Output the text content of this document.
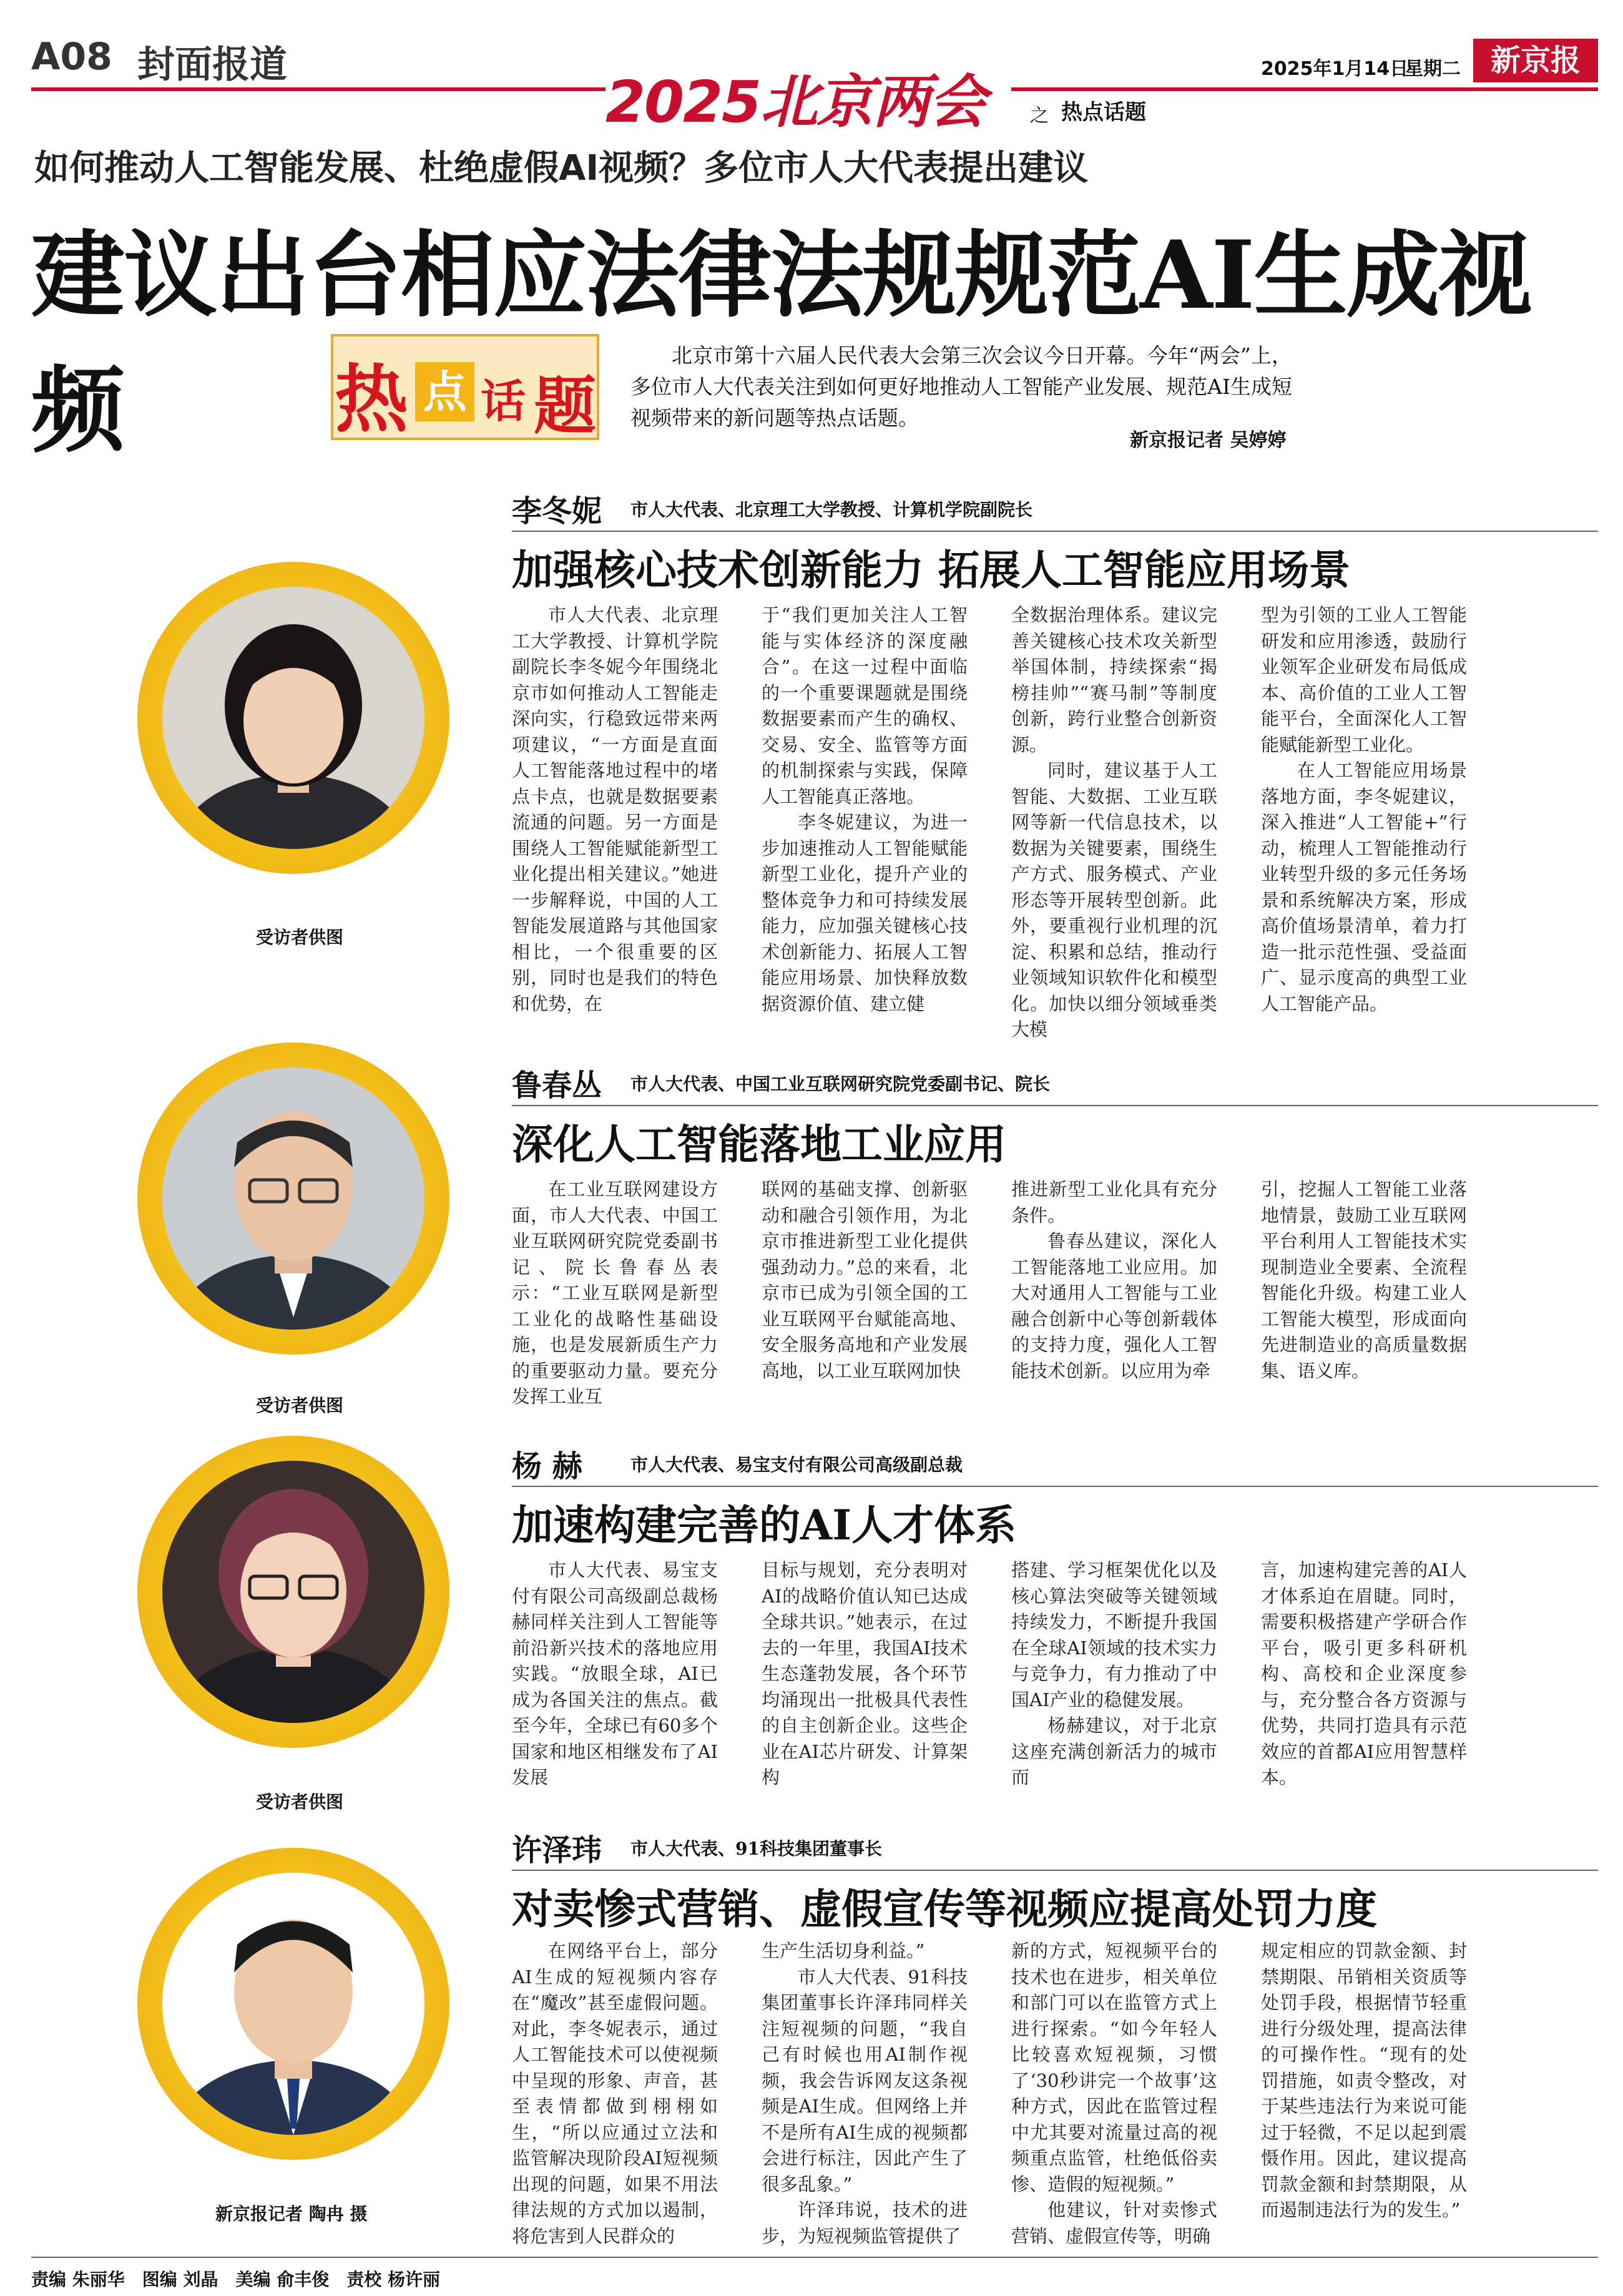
A08 封面报道
2025北京两会	之 热点话题
2025年1月14日
星期二 新京报
如何推动人工智能发展、杜绝虚假AI视频？多位市人大代表提出建议
建议出台相应法律法规规范AI生成视频	热 点 话 题
北京市第十六届人民代表大会第三次会议今日开幕。今年“两会”上，多位市人大代表关注到如何更好地推动人工智能产业发展、规范AI生成短视频带来的新问题等热点话题。
新京报记者 吴婷婷
受访者供图
李冬妮 市人大代表、北京理工大学教授、计算机学院副院长
加强核心技术创新能力 拓展人工智能应用场景

市人大代表、北京理工大学教授、计算机学院副院长李冬妮今年围绕北京市如何推动人工智能走深向实，行稳致远带来两项建议，“一方面是直面人工智能落地过程中的堵点卡点，也就是数据要素流通的问题。另一方面是围绕人工智能赋能新型工业化提出相关建议。”她进一步解释说，中国的人工智能发展道路与其他国家相比，一个很重要的区别，同时也是我们的特色和优势，在

于“我们更加关注人工智能与实体经济的深度融合”。在这一过程中面临的一个重要课题就是围绕数据要素而产生的确权、交易、安全、监管等方面的机制探索与实践，保障人工智能真正落地。

李冬妮建议，为进一步加速推动人工智能赋能新型工业化，提升产业的整体竞争力和可持续发展能力，应加强关键核心技术创新能力、拓展人工智能应用场景、加快释放数据资源价值、建立健

全数据治理体系。建议完善关键核心技术攻关新型举国体制，持续探索“揭榜挂帅”“赛马制”等制度创新，跨行业整合创新资源。

同时，建议基于人工智能、大数据、工业互联网等新一代信息技术，以数据为关键要素，围绕生产方式、服务模式、产业形态等开展转型创新。此外，要重视行业机理的沉淀、积累和总结，推动行业领域知识软件化和模型化。加快以细分领域垂类大模

型为引领的工业人工智能研发和应用渗透，鼓励行业领军企业研发布局低成本、高价值的工业人工智能平台，全面深化人工智能赋能新型工业化。

在人工智能应用场景落地方面，李冬妮建议，深入推进“人工智能+”行动，梳理人工智能推动行业转型升级的多元任务场景和系统解决方案，形成高价值场景清单，着力打造一批示范性强、受益面广、显示度高的典型工业人工智能产品。

受访者供图
鲁春丛 市人大代表、中国工业互联网研究院党委副书记、院长
深化人工智能落地工业应用

在工业互联网建设方面，市人大代表、中国工业互联网研究院党委副书记、院长鲁春丛表示：“工业互联网是新型工业化的战略性基础设施，也是发展新质生产力的重要驱动力量。要充分发挥工业互

联网的基础支撑、创新驱动和融合引领作用，为北京市推进新型工业化提供强劲动力。”总的来看，北京市已成为引领全国的工业互联网平台赋能高地、安全服务高地和产业发展高地，以工业互联网加快

推进新型工业化具有充分条件。

鲁春丛建议，深化人工智能落地工业应用。加大对通用人工智能与工业融合创新中心等创新载体的支持力度，强化人工智能技术创新。以应用为牵

引，挖掘人工智能工业落地情景，鼓励工业互联网平台利用人工智能技术实现制造业全要素、全流程智能化升级。构建工业人工智能大模型，形成面向先进制造业的高质量数据集、语义库。

受访者供图
杨 赫	市人大代表、易宝支付有限公司高级副总裁
加速构建完善的AI人才体系

市人大代表、易宝支付有限公司高级副总裁杨赫同样关注到人工智能等前沿新兴技术的落地应用实践。“放眼全球，AI已成为各国关注的焦点。截至今年，全球已有60多个国家和地区相继发布了AI发展

目标与规划，充分表明对AI的战略价值认知已达成全球共识。”她表示，在过去的一年里，我国AI技术生态蓬勃发展，各个环节均涌现出一批极具代表性的自主创新企业。这些企业在AI芯片研发、计算架构

搭建、学习框架优化以及核心算法突破等关键领域持续发力，不断提升我国在全球AI领域的技术实力与竞争力，有力推动了中国AI产业的稳健发展。

杨赫建议，对于北京这座充满创新活力的城市而

言，加速构建完善的AI人才体系迫在眉睫。同时，需要积极搭建产学研合作平台，吸引更多科研机构、高校和企业深度参与，充分整合各方资源与优势，共同打造具有示范效应的首都AI应用智慧样本。

新京报记者 陶冉 摄
许泽玮 市人大代表、91科技集团董事长
对卖惨式营销、虚假宣传等视频应提高处罚力度

在网络平台上，部分AI生成的短视频内容存在“魔改”甚至虚假问题。对此，李冬妮表示，通过人工智能技术可以使视频中呈现的形象、声音，甚至表情都做到栩栩如生，“所以应通过立法和监管解决现阶段AI短视频出现的问题，如果不用法律法规的方式加以遏制，将危害到人民群众的

生产生活切身利益。”

市人大代表、91科技集团董事长许泽玮同样关注短视频的问题，“我自己有时候也用AI制作视频，我会告诉网友这条视频是AI生成。但网络上并不是所有AI生成的视频都会进行标注，因此产生了很多乱象。”

许泽玮说，技术的进步，为短视频监管提供了

新的方式，短视频平台的技术也在进步，相关单位和部门可以在监管方式上进行探索。“如今年轻人比较喜欢短视频，习惯了‘30秒讲完一个故事’这种方式，因此在监管过程中尤其要对流量过高的视频重点监管，杜绝低俗卖惨、造假的短视频。”

他建议，针对卖惨式营销、虚假宣传等，明确

规定相应的罚款金额、封禁期限、吊销相关资质等处罚手段，根据情节轻重进行分级处理，提高法律的可操作性。“现有的处罚措施，如责令整改，对于某些违法行为来说可能过于轻微，不足以起到震慑作用。因此，建议提高罚款金额和封禁期限，从而遏制违法行为的发生。”

责编 朱丽华　图编 刘晶　美编 俞丰俊　责校 杨许丽
